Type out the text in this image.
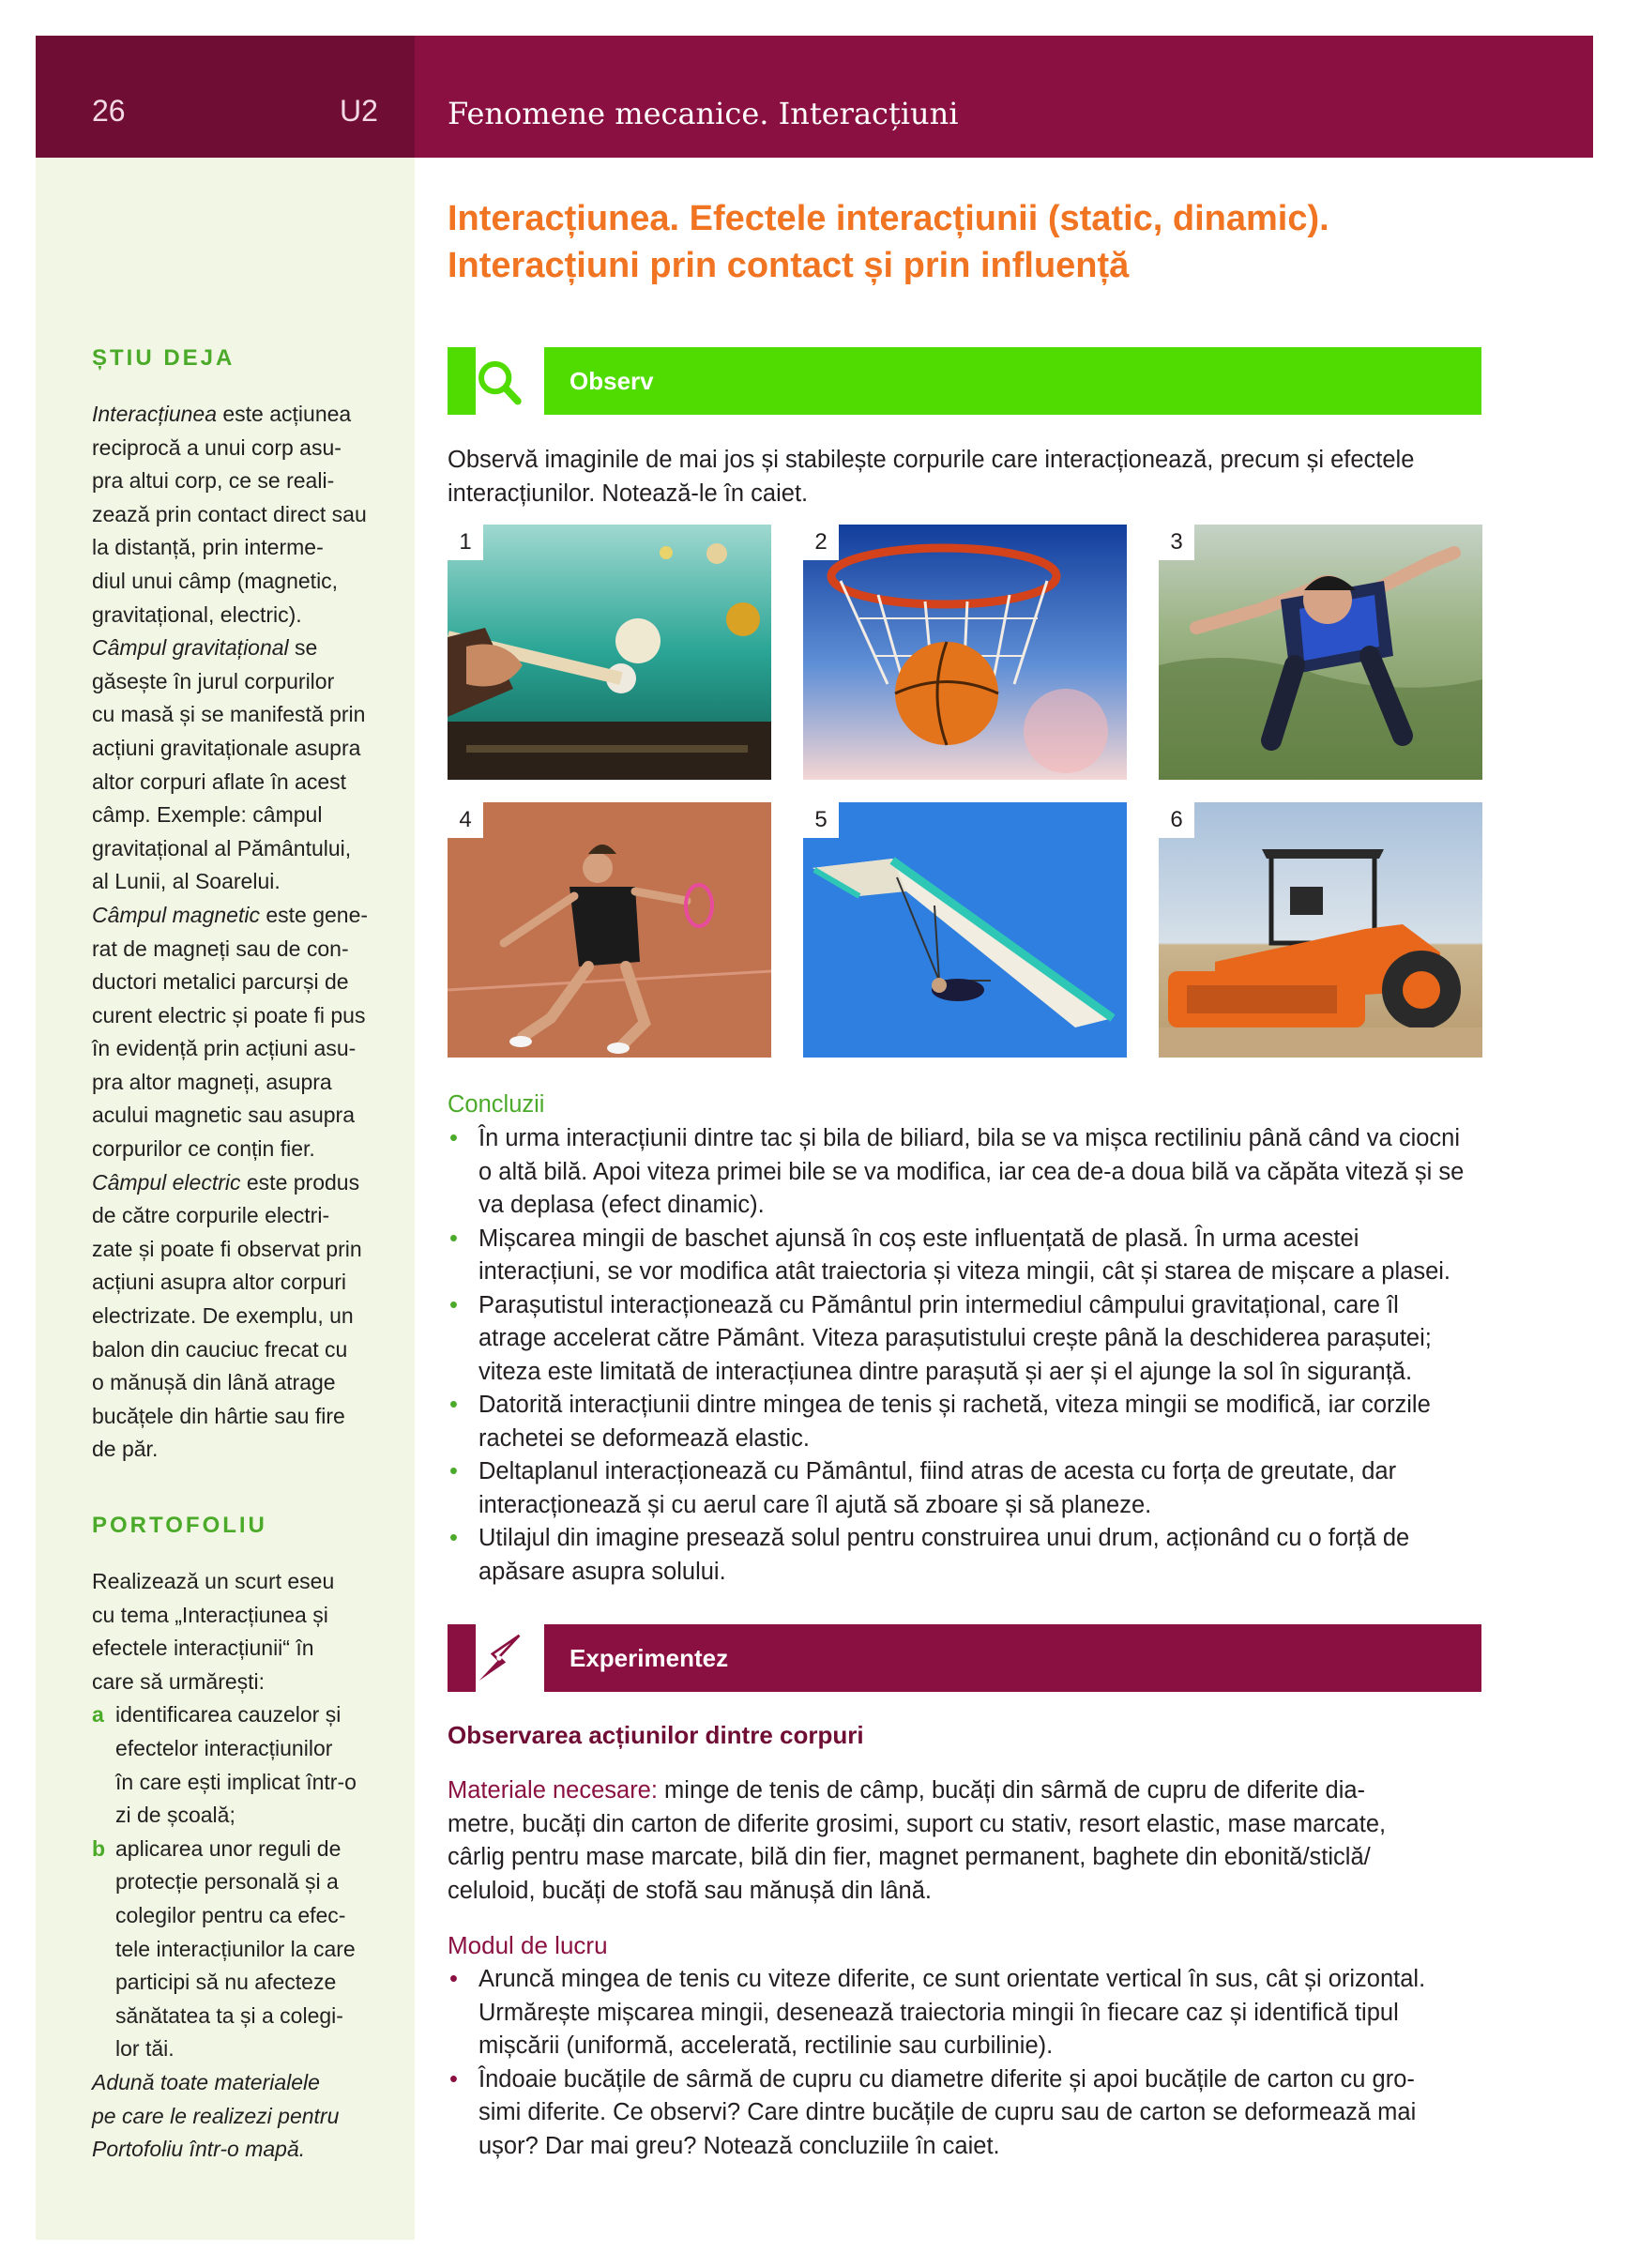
26	U2 Fenomene mecanice. Interacțiuni
ȘTIU DEJA

Interacțiunea este acțiunea

reciprocă a unui corp asu-

pra altui corp, ce se reali-

zează prin contact direct sau

la distanță, prin interme-

diul unui câmp (magnetic,

gravitațional, electric).

Câmpul gravitațional se

găsește în jurul corpurilor

cu masă și se manifestă prin

acțiuni gravitaționale asupra

altor corpuri aflate în acest

câmp. Exemple: câmpul

gravitațional al Pământului,

al Lunii, al Soarelui.

Câmpul magnetic este gene-

rat de magneți sau de con-

ductori metalici parcurși de

curent electric și poate fi pus

în evidență prin acțiuni asu-

pra altor magneți, asupra

acului magnetic sau asupra

corpurilor ce conțin fier.

Câmpul electric este produs

de către corpurile electri-

zate și poate fi observat prin

acțiuni asupra altor corpuri

electrizate. De exemplu, un

balon din cauciuc frecat cu

o mănușă din lână atrage

bucățele din hârtie sau fire

de păr.

PORTOFOLIU

Realizează un scurt eseu

cu tema „Interacțiunea și

efectele interacțiunii“ în

care să urmărești:

a identificarea cauzelor și
efectelor interacțiunilor
în care ești implicat într-o
zi de școală;
b aplicarea unor reguli de
protecție personală și a
colegilor pentru ca efec-
tele interacțiunilor la care
participi să nu afecteze
sănătatea ta și a colegi-
lor tăi.

Adună toate materialele

pe care le realizezi pentru

Portofoliu într-o mapă.

Interacțiunea. Efectele interacțiunii (static, dinamic).
Interacțiuni prin contact și prin influență
Observ

Observă imaginile de mai jos și stabilește corpurile care interacționează, precum și efectele

interacțiunilor. Notează-le în caiet.

1	2	3
4	5	6
Concluzii
• În urma interacțiunii dintre tac și bila de biliard, bila se va mișca rectiliniu până când va ciocni
o altă bilă. Apoi viteza primei bile se va modifica, iar cea de-a doua bilă va căpăta viteză și se
va deplasa (efect dinamic).
• Mișcarea mingii de baschet ajunsă în coș este influențată de plasă. În urma acestei
interacțiuni, se vor modifica atât traiectoria și viteza mingii, cât și starea de mișcare a plasei.
• Parașutistul interacționează cu Pământul prin intermediul câmpului gravitațional, care îl
atrage accelerat către Pământ. Viteza parașutistului crește până la deschiderea parașutei;
viteza este limitată de interacțiunea dintre parașută și aer și el ajunge la sol în siguranță.
• Datorită interacțiunii dintre mingea de tenis și rachetă, viteza mingii se modifică, iar corzile
rachetei se deformează elastic.
• Deltaplanul interacționează cu Pământul, fiind atras de acesta cu forța de greutate, dar
interacționează și cu aerul care îl ajută să zboare și să planeze.
• Utilajul din imagine presează solul pentru construirea unui drum, acționând cu o forță de
apăsare asupra solului.
Experimentez
Observarea acțiunilor dintre corpuri

Materiale necesare: minge de tenis de câmp, bucăți din sârmă de cupru de diferite dia-

metre, bucăți din carton de diferite grosimi, suport cu stativ, resort elastic, mase marcate,

cârlig pentru mase marcate, bilă din fier, magnet permanent, baghete din ebonită/sticlă/

celuloid, bucăți de stofă sau mănușă din lână.

Modul de lucru
• Aruncă mingea de tenis cu viteze diferite, ce sunt orientate vertical în sus, cât și orizontal.
Urmărește mișcarea mingii, desenează traiectoria mingii în fiecare caz și identifică tipul
mișcării (uniformă, accelerată, rectilinie sau curbilinie).
• Îndoaie bucățile de sârmă de cupru cu diametre diferite și apoi bucățile de carton cu gro-
simi diferite. Ce observi? Care dintre bucățile de cupru sau de carton se deformează mai
ușor? Dar mai greu? Notează concluziile în caiet.
